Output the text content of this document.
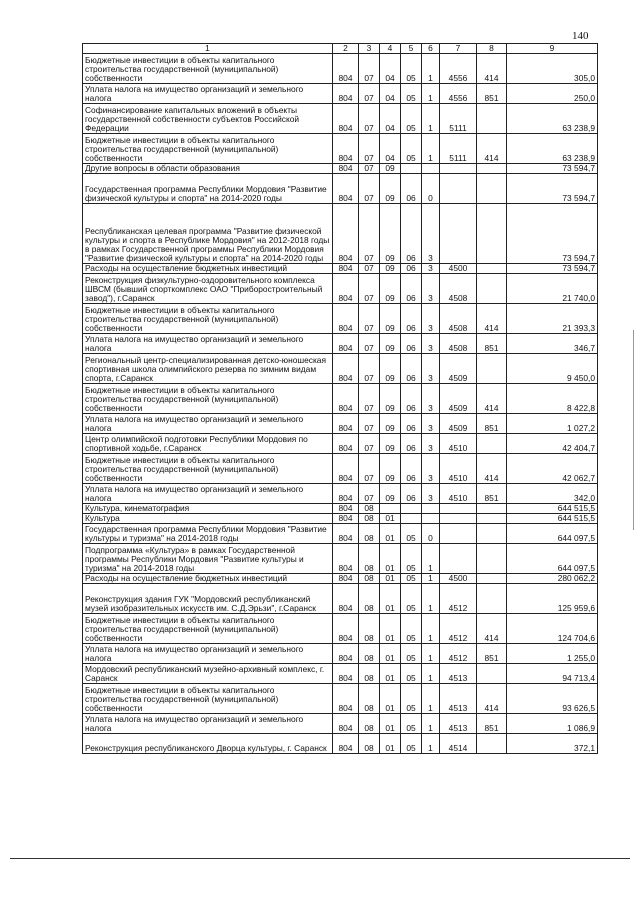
140
1	2	3	4	5	6	7	8	9
Бюджетные инвестиции в объекты капитального строительства государственной (муниципальной) собственности	804	07	04	05	1	4556	414	305,0
Уплата налога на имущество организаций и земельного налога	804	07	04	05	1	4556	851	250,0
Софинансирование капитальных вложений в объекты государственной собственности субъектов Российской Федерации	804	07	04	05	1	5111		63 238,9
Бюджетные инвестиции в объекты капитального строительства государственной (муниципальной) собственности	804	07	04	05	1	5111	414	63 238,9
Другие вопросы в области образования	804	07	09					73 594,7
Государственная программа Республики Мордовия "Развитие физической культуры и спорта" на 2014-2020 годы	804	07	09	06	0			73 594,7
Республиканская целевая программа "Развитие физической культуры и спорта в Республике Мордовия" на 2012-2018 годы в рамках Государственной программы Республики Мордовия "Развитие физической культуры и спорта" на 2014-2020 годы	804	07	09	06	3			73 594,7
Расходы на осуществление бюджетных инвестиций	804	07	09	06	3	4500		73 594,7
Реконструкция физкультурно-оздоровительного комплекса ШВСМ (бывший спорткомплекс ОАО "Приборостроительный завод"), г.Саранск	804	07	09	06	3	4508		21 740,0
Бюджетные инвестиции в объекты капитального строительства государственной (муниципальной) собственности	804	07	09	06	3	4508	414	21 393,3
Уплата налога на имущество организаций и земельного налога	804	07	09	06	3	4508	851	346,7
Региональный центр-специализированная детско-юношеская спортивная школа олимпийского резерва по зимним видам спорта, г.Саранск	804	07	09	06	3	4509		9 450,0
Бюджетные инвестиции в объекты капитального строительства государственной (муниципальной) собственности	804	07	09	06	3	4509	414	8 422,8
Уплата налога на имущество организаций и земельного налога	804	07	09	06	3	4509	851	1 027,2
Центр олимпийской подготовки Республики Мордовия по спортивной ходьбе, г.Саранск	804	07	09	06	3	4510		42 404,7
Бюджетные инвестиции в объекты капитального строительства государственной (муниципальной) собственности	804	07	09	06	3	4510	414	42 062,7
Уплата налога на имущество организаций и земельного налога	804	07	09	06	3	4510	851	342,0
Культура, кинематография	804	08						644 515,5
Культура	804	08	01					644 515,5
Государственная программа Республики Мордовия "Развитие культуры и туризма" на 2014-2018 годы	804	08	01	05	0			644 097,5
Подпрограмма «Культура» в рамках Государственной программы Республики Мордовия "Развитие культуры и туризма" на 2014-2018 годы	804	08	01	05	1			644 097,5
Расходы на осуществление бюджетных инвестиций	804	08	01	05	1	4500		280 062,2
Реконструкция здания ГУК "Мордовский республиканский музей изобразительных искусств им. С.Д.Эрьзи", г.Саранск	804	08	01	05	1	4512		125 959,6
Бюджетные инвестиции в объекты капитального строительства государственной (муниципальной) собственности	804	08	01	05	1	4512	414	124 704,6
Уплата налога на имущество организаций и земельного налога	804	08	01	05	1	4512	851	1 255,0
Мордовский республиканский музейно-архивный комплекс, г. Саранск	804	08	01	05	1	4513		94 713,4
Бюджетные инвестиции в объекты капитального строительства государственной (муниципальной) собственности	804	08	01	05	1	4513	414	93 626,5
Уплата налога на имущество организаций и земельного налога	804	08	01	05	1	4513	851	1 086,9
Реконструкция республиканского Дворца культуры, г. Саранск	804	08	01	05	1	4514		372,1
